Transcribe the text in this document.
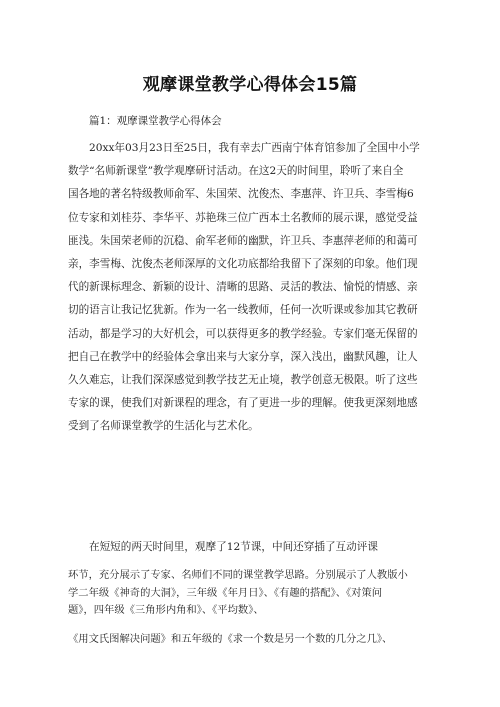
观摩课堂教学心得体会15篇
篇1：观摩课堂教学心得体会
20xx年03月23日至25日，我有幸去广西南宁体育馆参加了全国中小学
数学“名师新课堂”教学观摩研讨活动。在这2天的时间里，聆听了来自全
国各地的著名特级教师俞军、朱国荣、沈俊杰、李惠萍、许卫兵、李雪梅6
位专家和刘桂芬、李华平、苏艳珠三位广西本土名教师的展示课，感觉受益
匪浅。朱国荣老师的沉稳、俞军老师的幽默，许卫兵、李惠萍老师的和蔼可
亲，李雪梅、沈俊杰老师深厚的文化功底都给我留下了深刻的印象。他们现
代的新课标理念、新颖的设计、清晰的思路、灵活的教法、愉悦的情感、亲
切的语言让我记忆犹新。作为一名一线教师，任何一次听课或参加其它教研
活动，都是学习的大好机会，可以获得更多的教学经验。专家们毫无保留的
把自己在教学中的经验体会拿出来与大家分享，深入浅出，幽默风趣，让人
久久难忘，让我们深深感觉到教学技艺无止境，教学创意无极限。听了这些
专家的课，使我们对新课程的理念，有了更进一步的理解。使我更深刻地感
受到了名师课堂教学的生活化与艺术化。
在短短的两天时间里，观摩了12节课，中间还穿插了互动评课
环节，充分展示了专家、名师们不同的课堂教学思路。分别展示了人教版小
学二年级《神奇的大洞》，三年级《年月日》、《有趣的搭配》、《对策问
题》，四年级《三角形内角和》、《平均数》、
《用文氏图解决问题》和五年级的《求一个数是另一个数的几分之几》、
